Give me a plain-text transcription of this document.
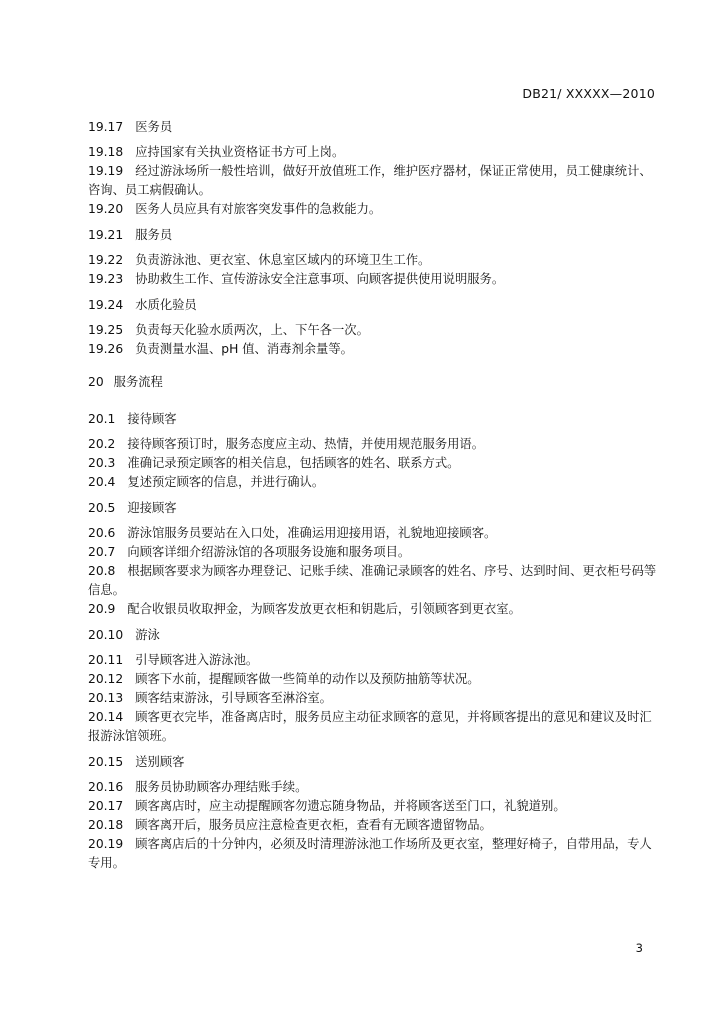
DB21/ XXXXX—2010
19.17 医务员
19.18 应持国家有关执业资格证书方可上岗。
19.19 经过游泳场所一般性培训，做好开放值班工作，维护医疗器材，保证正常使用，员工健康统计、咨询、员工病假确认。
19.20 医务人员应具有对旅客突发事件的急救能力。
19.21 服务员
19.22 负责游泳池、更衣室、休息室区域内的环境卫生工作。
19.23 协助救生工作、宣传游泳安全注意事项、向顾客提供使用说明服务。
19.24 水质化验员
19.25 负责每天化验水质两次，上、下午各一次。
19.26 负责测量水温、pH 值、消毒剂余量等。
20 服务流程
20.1 接待顾客
20.2 接待顾客预订时，服务态度应主动、热情，并使用规范服务用语。
20.3 准确记录预定顾客的相关信息，包括顾客的姓名、联系方式。
20.4 复述预定顾客的信息，并进行确认。
20.5 迎接顾客
20.6 游泳馆服务员要站在入口处，准确运用迎接用语，礼貌地迎接顾客。
20.7 向顾客详细介绍游泳馆的各项服务设施和服务项目。
20.8 根据顾客要求为顾客办理登记、记账手续、准确记录顾客的姓名、序号、达到时间、更衣柜号码等信息。
20.9 配合收银员收取押金，为顾客发放更衣柜和钥匙后，引领顾客到更衣室。
20.10 游泳
20.11 引导顾客进入游泳池。
20.12 顾客下水前，提醒顾客做一些简单的动作以及预防抽筋等状况。
20.13 顾客结束游泳，引导顾客至淋浴室。
20.14 顾客更衣完毕，准备离店时，服务员应主动征求顾客的意见，并将顾客提出的意见和建议及时汇报游泳馆领班。
20.15 送别顾客
20.16 服务员协助顾客办理结账手续。
20.17 顾客离店时，应主动提醒顾客勿遗忘随身物品，并将顾客送至门口，礼貌道别。
20.18 顾客离开后，服务员应注意检查更衣柜，查看有无顾客遗留物品。
20.19 顾客离店后的十分钟内，必须及时清理游泳池工作场所及更衣室，整理好椅子，自带用品，专人专用。
3
